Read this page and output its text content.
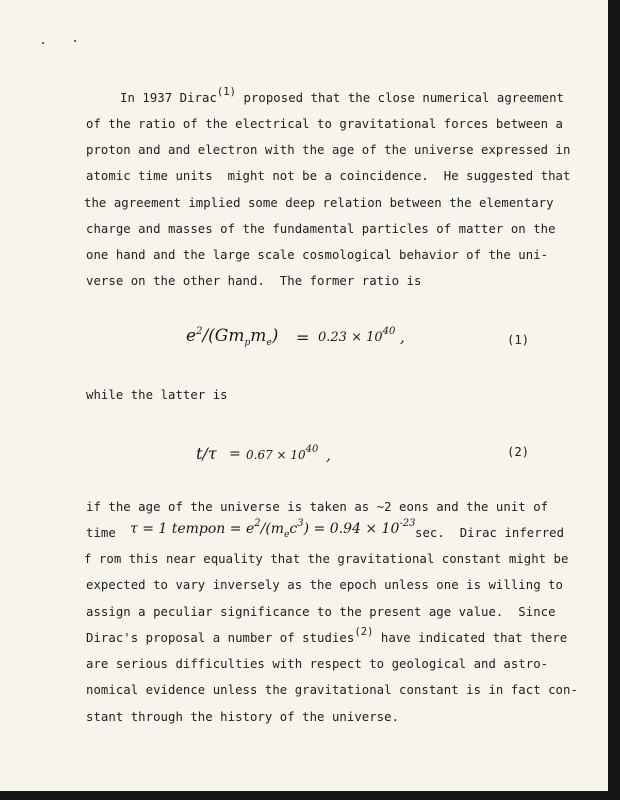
In 1937 Dirac$^{(1)}$ proposed that the close numerical agreement
of the ratio of the electrical to gravitational forces between a
proton and and electron with the age of the universe expressed in
atomic time units  might not be a coincidence.  He suggested that
the agreement implied some deep relation between the elementary
charge and masses of the fundamental particles of matter on the
one hand and the large scale cosmological behavior of the uni-
verse on the other hand.  The former ratio is
$e^2/(Gm_pm_e) = 0.23 \times 10^{40}$ ,	(1)
while the latter is
$t/\tau = 0.67 \times 10^{40}$ ,	(2)
if the age of the universe is taken as ~2 eons and the unit of
time τ = 1 tempon = $e^2/(m_ec^3) = 0.94 \times 10^{-23}$
sec.  Dirac inferred
f rom this near equality that the gravitational constant might be
expected to vary inversely as the epoch unless one is willing to
assign a peculiar significance to the present age value.  Since
Dirac's proposal a number of studies$^{(2)}$ have indicated that there
are serious difficulties with respect to geological and astro-
nomical evidence unless the gravitational constant is in fact con-
stant through the history of the universe.
